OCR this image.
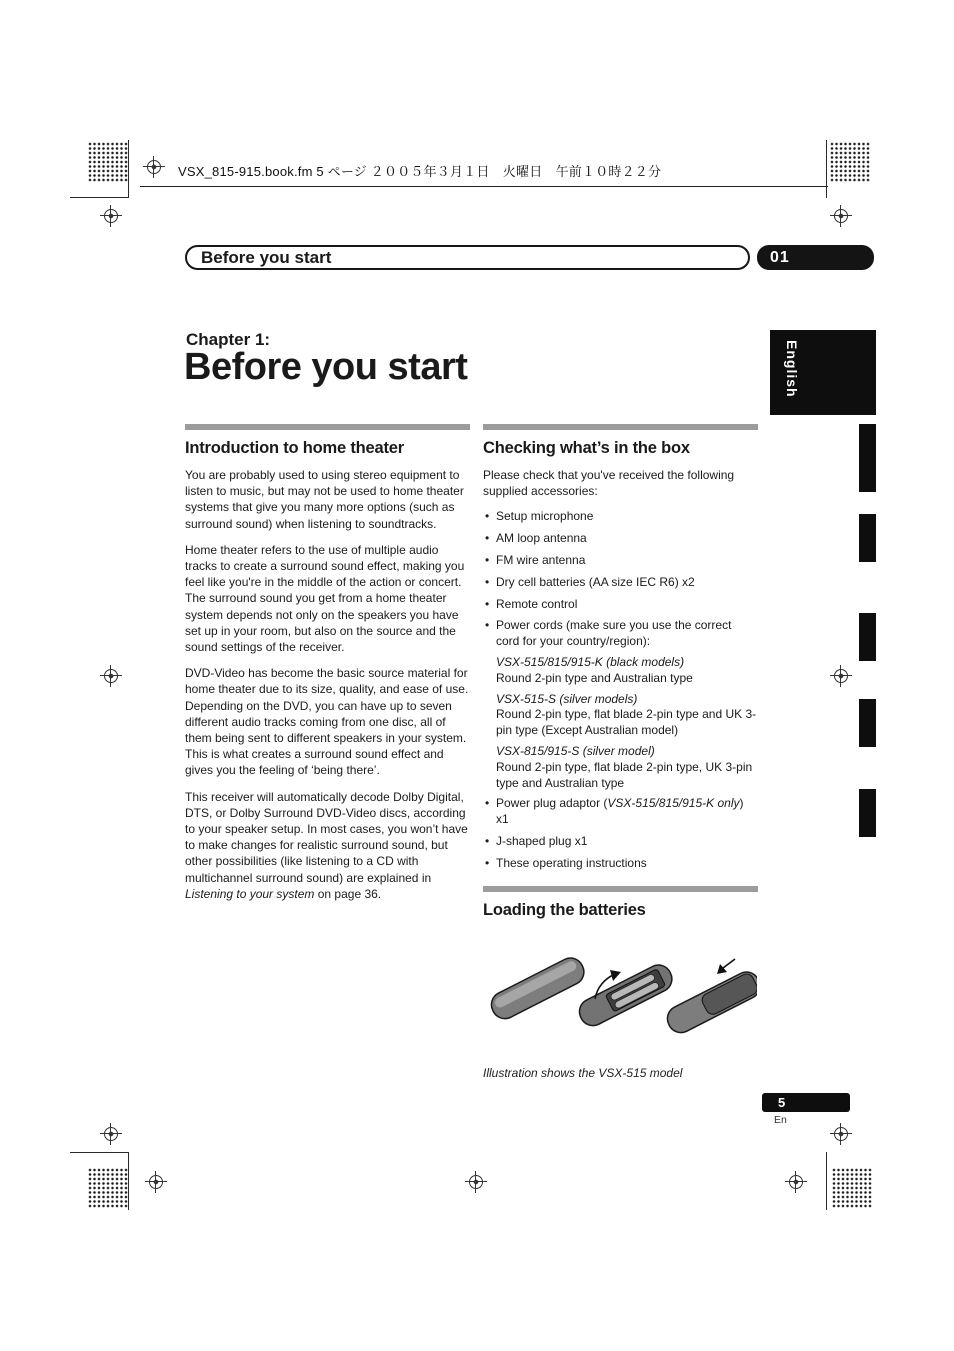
VSX_815-915.book.fm 5 ページ ２００５年３月１日　火曜日　午前１０時２２分
Before you start	01
English
Chapter 1:
Before you start
Introduction to home theater

You are probably used to using stereo equipment to listen to music, but may not be used to home theater systems that give you many more options (such as surround sound) when listening to soundtracks.

Home theater refers to the use of multiple audio tracks to create a surround sound effect, making you feel like you're in the middle of the action or concert. The surround sound you get from a home theater system depends not only on the speakers you have set up in your room, but also on the source and the sound settings of the receiver.

DVD-Video has become the basic source material for home theater due to its size, quality, and ease of use. Depending on the DVD, you can have up to seven different audio tracks coming from one disc, all of them being sent to different speakers in your system. This is what creates a surround sound effect and gives you the feeling of ‘being there’.

This receiver will automatically decode Dolby Digital, DTS, or Dolby Surround DVD-Video discs, according to your speaker setup. In most cases, you won’t have to make changes for realistic surround sound, but other possibilities (like listening to a CD with multichannel surround sound) are explained in Listening to your system on page 36.

Checking what’s in the box

Please check that you've received the following supplied accessories:

• Setup microphone
• AM loop antenna
• FM wire antenna
• Dry cell batteries (AA size IEC R6) x2
• Remote control
• Power cords (make sure you use the correct cord for your country/region):
VSX-515/815/915-K (black models)
Round 2-pin type and Australian type
VSX-515-S (silver models)
Round 2-pin type, flat blade 2-pin type and UK 3-pin type (Except Australian model)
VSX-815/915-S (silver model)
Round 2-pin type, flat blade 2-pin type, UK 3-pin type and Australian type
• Power plug adaptor (VSX-515/815/915-K only) x1
• J-shaped plug x1
• These operating instructions
Loading the batteries
Illustration shows the VSX-515 model
5
En
